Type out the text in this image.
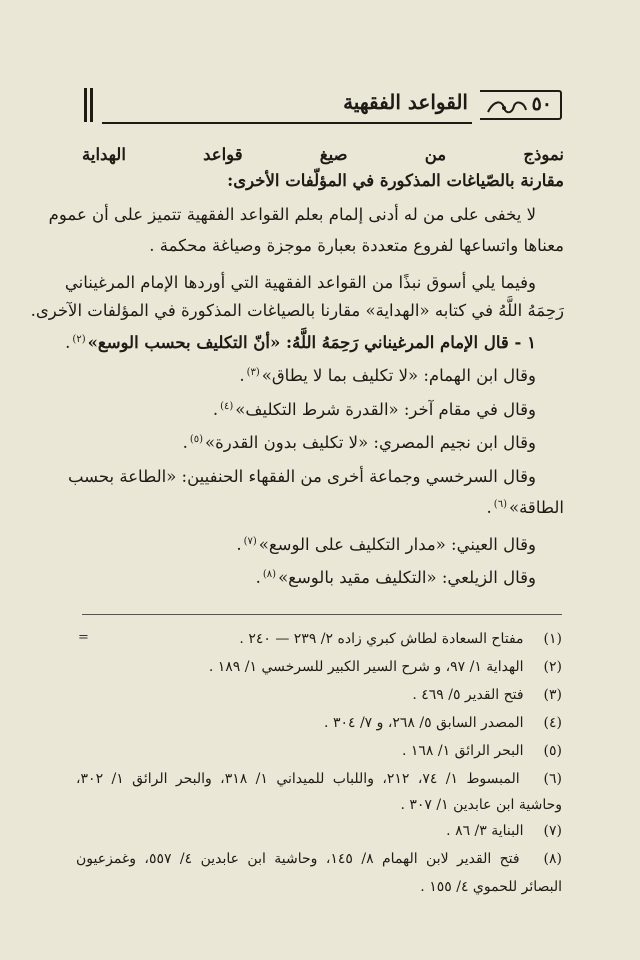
القواعد الفقهية	٥٠
نموذج من صيغ قواعد الهداية
مقارنة بالصّياغات المذكورة في المؤلّفات الأخرى:
لا يخفى على من له أدنى إلمام بعلم القواعد الفقهية تتميز على أن عموم
معناها واتساعها لفروع متعددة بعبارة موجزة وصياغة محكمة .
وفيما يلي أسوق نبذًا من القواعد الفقهية التي أوردها الإمام المرغيناني
رَحِمَهُ اللَّهُ في كتابه «الهداية» مقارنا بالصياغات المذكورة في المؤلفات الآخرى.
١ - قال الإمام المرغيناني رَحِمَهُ اللَّهُ: «أنّ التكليف بحسب الوسع»$^{(٢)}$.
وقال ابن الهمام: «لا تكليف بما لا يطاق»$^{(٣)}$.
وقال في مقام آخر: «القدرة شرط التكليف»$^{(٤)}$.
وقال ابن نجيم المصري: «لا تكليف بدون القدرة»$^{(٥)}$.
وقال السرخسي وجماعة أخرى من الفقهاء الحنفيين: «الطاعة بحسب
الطاقة»$^{(٦)}$.
وقال العيني: «مدار التكليف على الوسع»$^{(٧)}$.
وقال الزيلعي: «التكليف مقيد بالوسع»$^{(٨)}$.
=	(١) مفتاح السعادة لطاش كبري زاده ٢/ ٢٣٩ — ٢٤٠ .
(٢) الهداية ١/ ٩٧، و شرح السير الكبير للسرخسي ١/ ١٨٩ .
(٣) فتح القدير ٥/ ٤٦٩ .
(٤) المصدر السابق ٥/ ٢٦٨، و ٧/ ٣٠٤ .
(٥) البحر الرائق ١/ ١٦٨ .
(٦) المبسوط ١/ ٧٤، ٢١٢، واللباب للميداني ١/ ٣١٨، والبحر الرائق ١/ ٣٠٢،
وحاشية ابن عابدين ١/ ٣٠٧ .
(٧) البناية ٣/ ٨٦ .
(٨) فتح القدير لابن الهمام ٨/ ١٤٥، وحاشية ابن عابدين ٤/ ٥٥٧، وغمزعيون
البصائر للحموي ٤/ ١٥٥ .
